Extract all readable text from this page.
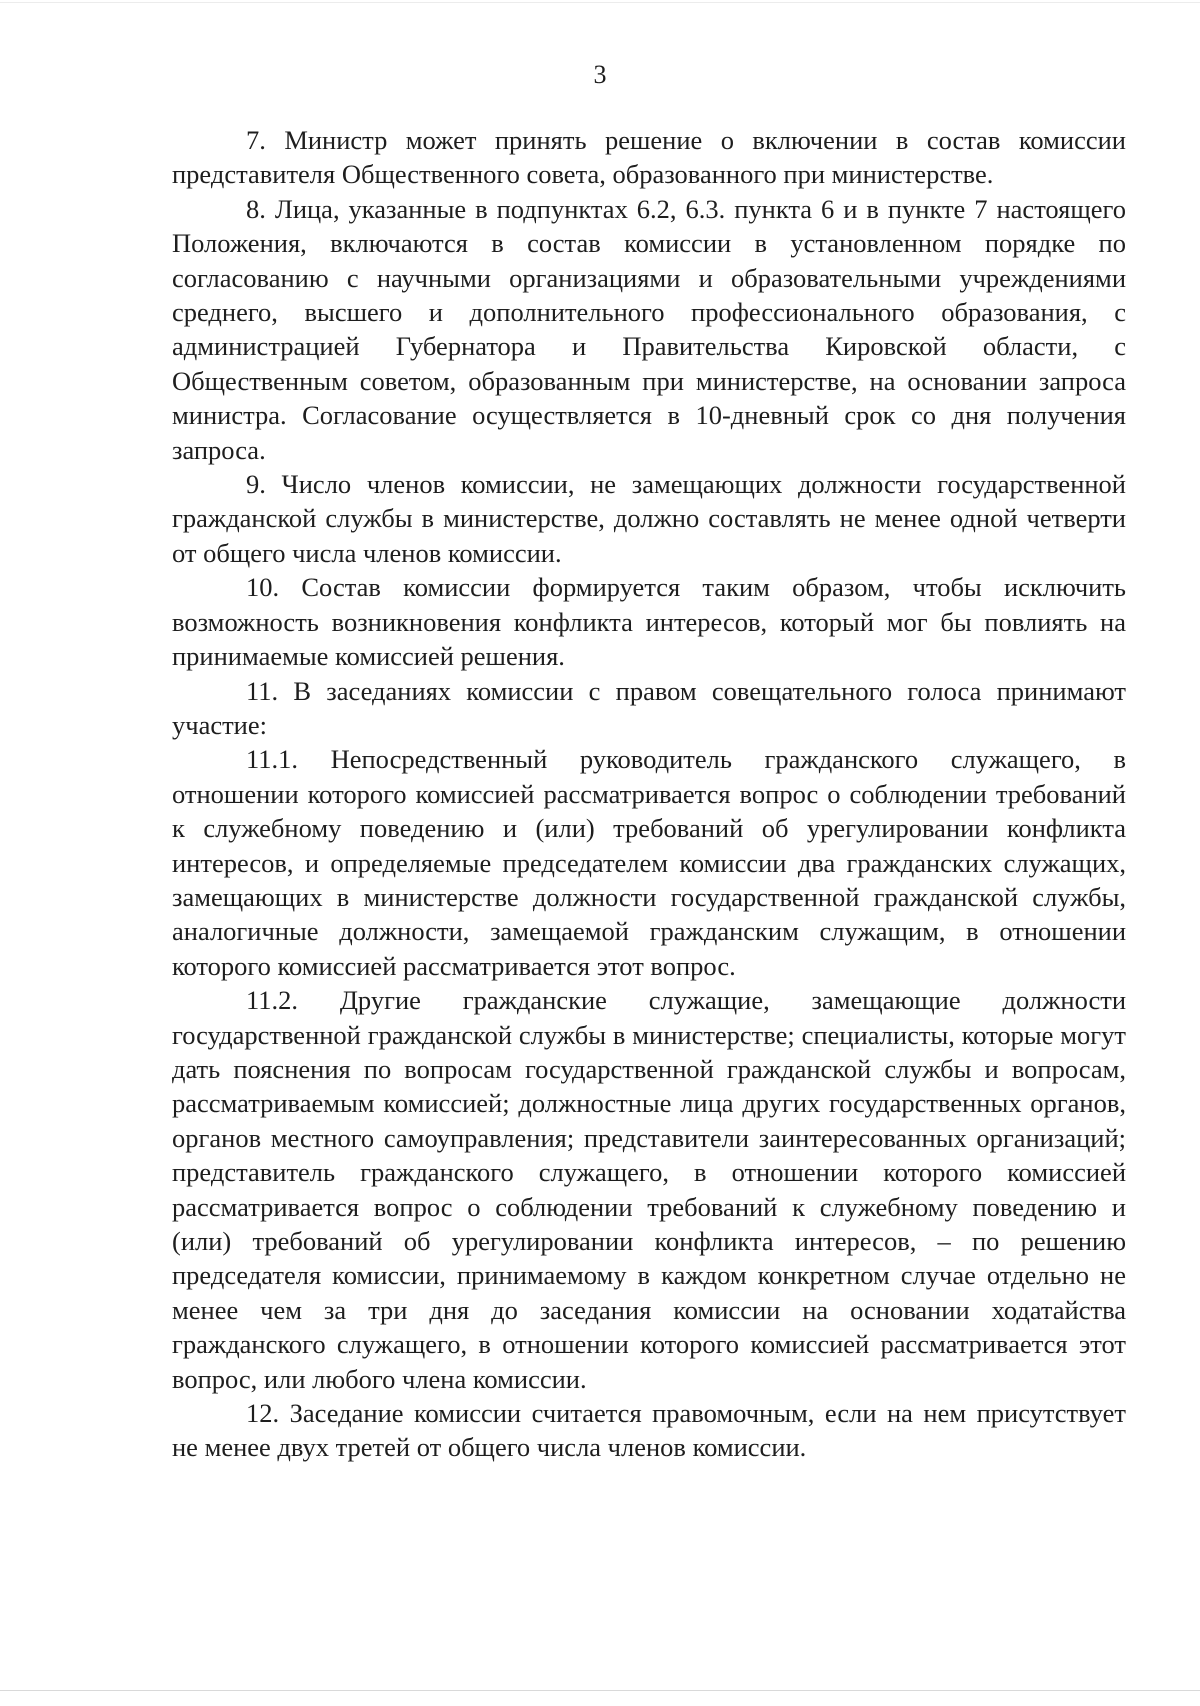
3

7. Министр может принять решение о включении в состав комиссии представителя Общественного совета, образованного при министерстве.

8. Лица, указанные в подпунктах 6.2, 6.3. пункта 6 и в пункте 7 настоящего Положения, включаются в состав комиссии в установленном порядке по согласованию с научными организациями и образовательными учреждениями среднего, высшего и дополнительного профессионального образования, с администрацией Губернатора и Правительства Кировской области, с Общественным советом, образованным при министерстве, на основании запроса министра. Согласование осуществляется в 10-дневный срок со дня получения запроса.

9. Число членов комиссии, не замещающих должности государственной гражданской службы в министерстве, должно составлять не менее одной четверти от общего числа членов комиссии.

10. Состав комиссии формируется таким образом, чтобы исключить возможность возникновения конфликта интересов, который мог бы повлиять на принимаемые комиссией решения.

11. В заседаниях комиссии с правом совещательного голоса принимают участие:

11.1. Непосредственный руководитель гражданского служащего, в отношении которого комиссией рассматривается вопрос о соблюдении требований к служебному поведению и (или) требований об урегулировании конфликта интересов, и определяемые председателем комиссии два гражданских служащих, замещающих в министерстве должности государственной гражданской службы, аналогичные должности, замещаемой гражданским служащим, в отношении которого комиссией рассматривается этот вопрос.

11.2. Другие гражданские служащие, замещающие должности государственной гражданской службы в министерстве; специалисты, которые могут дать пояснения по вопросам государственной гражданской службы и вопросам, рассматриваемым комиссией; должностные лица других государственных органов, органов местного самоуправления; представители заинтересованных организаций; представитель гражданского служащего, в отношении которого комиссией рассматривается вопрос о соблюдении требований к служебному поведению и (или) требований об урегулировании конфликта интересов, – по решению председателя комиссии, принимаемому в каждом конкретном случае отдельно не менее чем за три дня до заседания комиссии на основании ходатайства гражданского служащего, в отношении которого комиссией рассматривается этот вопрос, или любого члена комиссии.

12. Заседание комиссии считается правомочным, если на нем присутствует не менее двух третей от общего числа членов комиссии.
